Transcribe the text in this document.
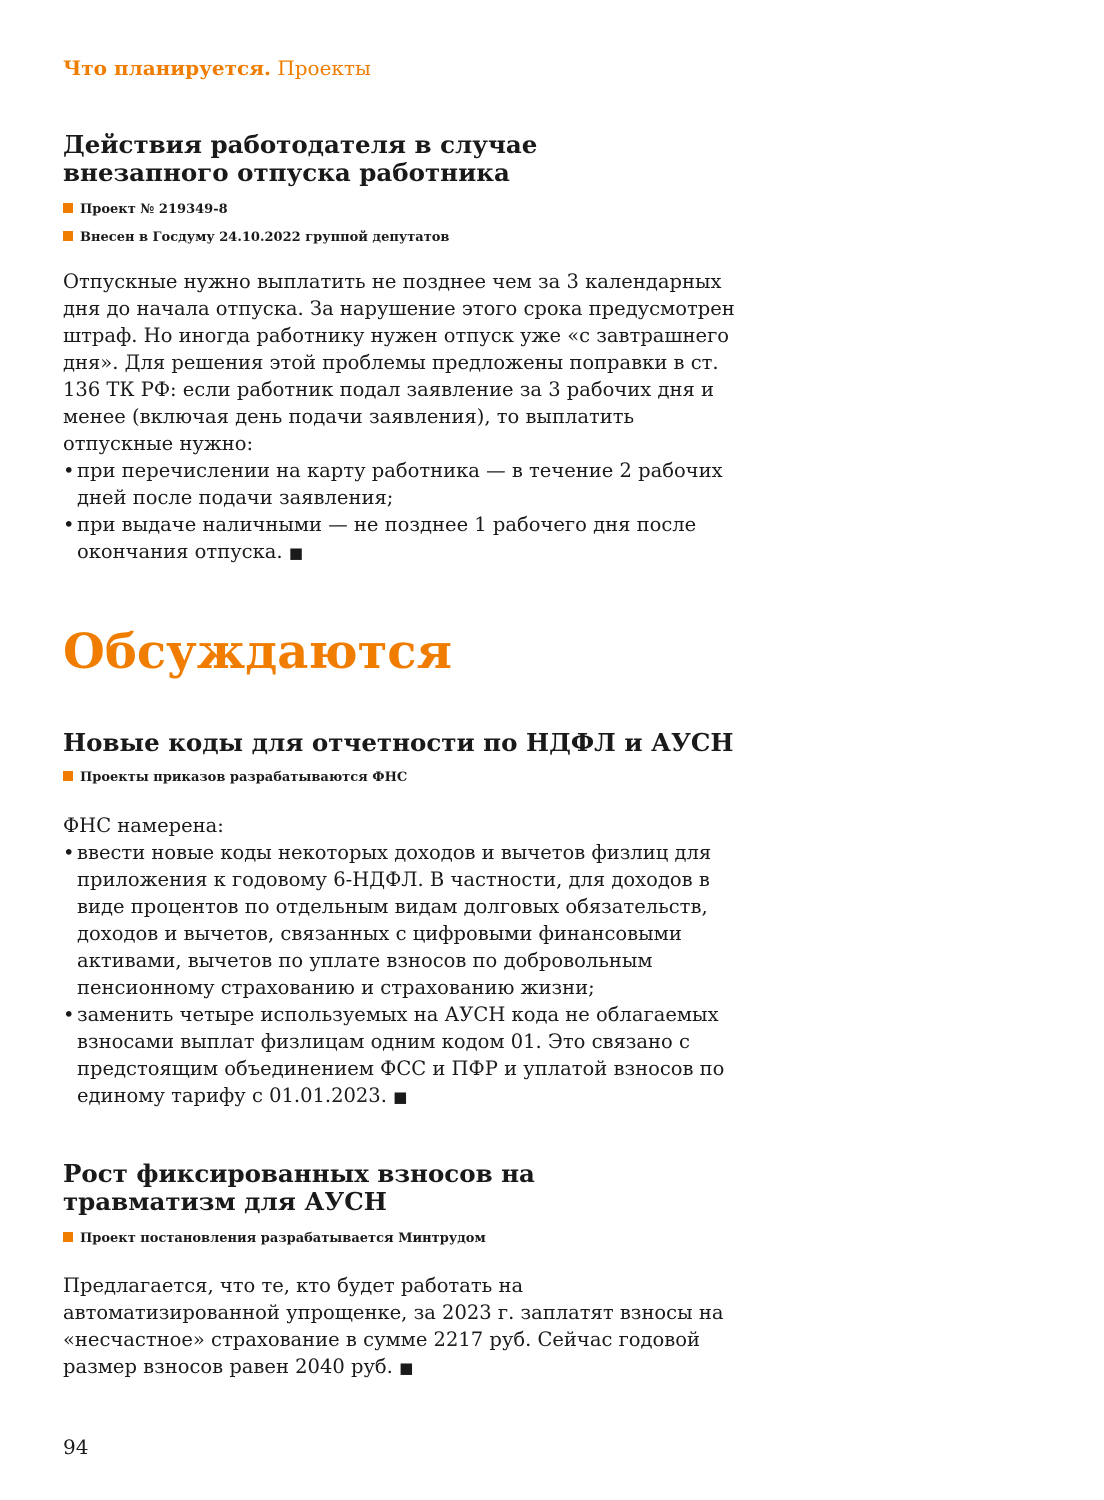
Что планируется. Проекты
Действия работодателя в случае внезапного отпуска работника
Проект № 219349-8
Внесен в Госдуму 24.10.2022 группой депутатов

Отпускные нужно выплатить не позднее чем за 3 календарных дня до начала отпуска. За нарушение этого срока предусмотрен штраф. Но иногда работнику нужен отпуск уже «с завтрашнего дня». Для решения этой проблемы предложены поправки в ст. 136 ТК РФ: если работник подал заявление за 3 рабочих дня и менее (включая день подачи заявления), то выплатить отпускные нужно:

• при перечислении на карту работника — в течение 2 рабочих дней после подачи заявления;
• при выдаче наличными — не позднее 1 рабочего дня после окончания отпуска. ■
Обсуждаются
Новые коды для отчетности по НДФЛ и АУСН
Проекты приказов разрабатываются ФНС

ФНС намерена:

• ввести новые коды некоторых доходов и вычетов физлиц для приложения к годовому 6-НДФЛ. В частности, для доходов в виде процентов по отдельным видам долговых обязательств, доходов и вычетов, связанных с цифровыми финансовыми активами, вычетов по уплате взносов по добровольным пенсионному страхованию и страхованию жизни;
• заменить четыре используемых на АУСН кода не облагаемых взносами выплат физлицам одним кодом 01. Это связано с предстоящим объединением ФСС и ПФР и уплатой взносов по единому тарифу с 01.01.2023. ■
Рост фиксированных взносов на травматизм для АУСН
Проект постановления разрабатывается Минтрудом

Предлагается, что те, кто будет работать на автоматизированной упрощенке, за 2023 г. заплатят взносы на «несчастное» страхование в сумме 2217 руб. Сейчас годовой размер взносов равен 2040 руб. ■

94
